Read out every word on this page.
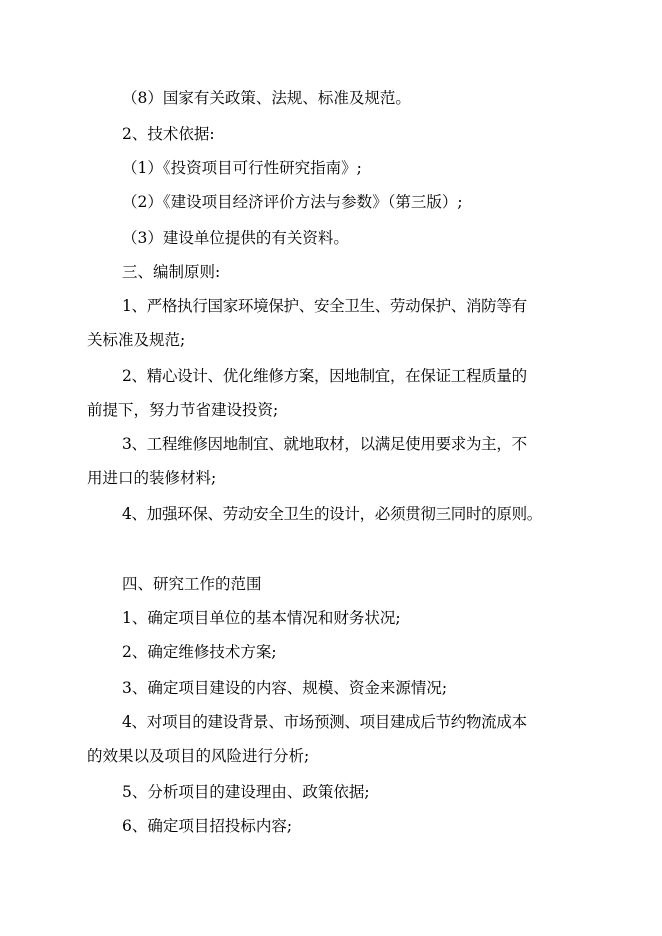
（8）国家有关政策、法规、标准及规范。
2、技术依据:
（1）《投资项目可行性研究指南》;
（2）《建设项目经济评价方法与参数》（第三版）;
（3）建设单位提供的有关资料。
三、编制原则:
1、严格执行国家环境保护、安全卫生、劳动保护、消防等有
关标准及规范;
2、精心设计、优化维修方案，因地制宜，在保证工程质量的
前提下，努力节省建设投资;
3、工程维修因地制宜、就地取材，以满足使用要求为主，不
用进口的装修材料;
4、加强环保、劳动安全卫生的设计，必须贯彻三同时的原则。
四、研究工作的范围
1、确定项目单位的基本情况和财务状况;
2、确定维修技术方案;
3、确定项目建设的内容、规模、资金来源情况;
4、对项目的建设背景、市场预测、项目建成后节约物流成本
的效果以及项目的风险进行分析;
5、分析项目的建设理由、政策依据;
6、确定项目招投标内容;
